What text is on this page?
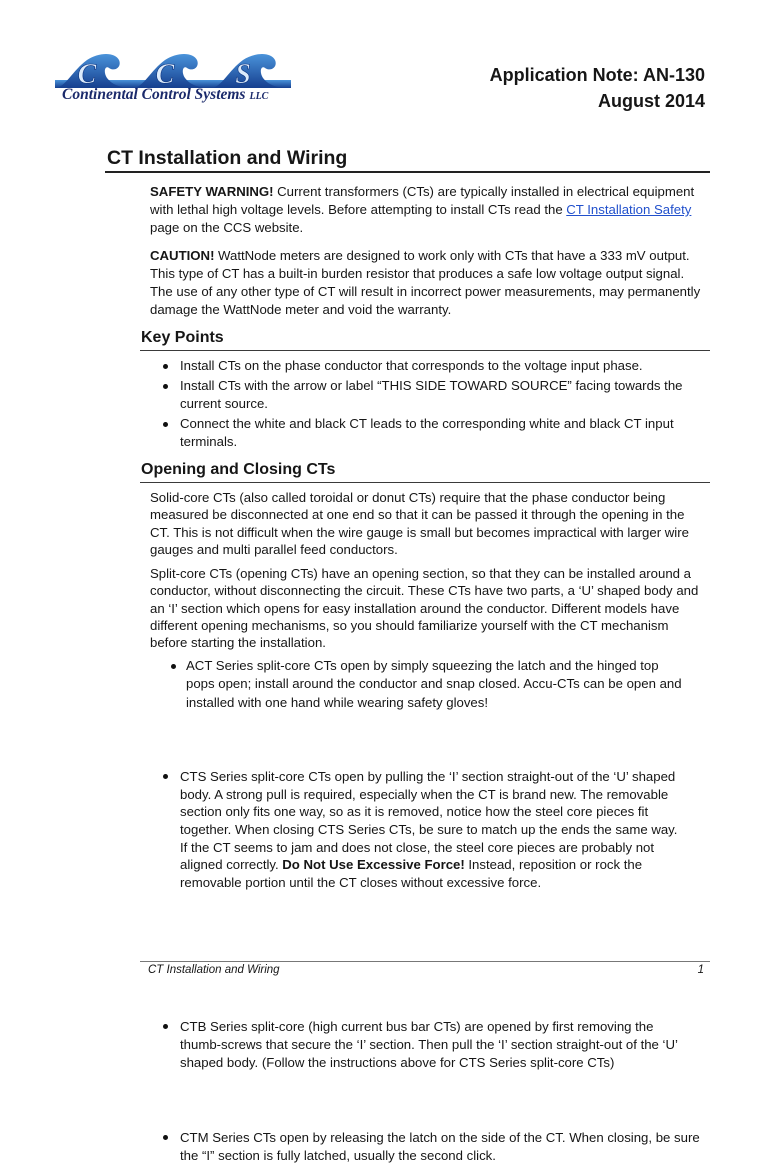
C C S
Continental Control Systems LLC
Application Note: AN-130
August 2014
CT Installation and Wiring
SAFETY WARNING! Current transformers (CTs) are typically installed in electrical equipment
with lethal high voltage levels. Before attempting to install CTs read the CT Installation Safety
page on the CCS website.
CAUTION! WattNode meters are designed to work only with CTs that have a 333 mV output.
This type of CT has a built-in burden resistor that produces a safe low voltage output signal.
The use of any other type of CT will result in incorrect power measurements, may permanently
damage the WattNode meter and void the warranty.
Key Points
Install CTs on the phase conductor that corresponds to the voltage input phase.
Install CTs with the arrow or label “THIS SIDE TOWARD SOURCE” facing towards the
current source.
Connect the white and black CT leads to the corresponding white and black CT input
terminals.
Opening and Closing CTs
Solid-core CTs (also called toroidal or donut CTs) require that the phase conductor being
measured be disconnected at one end so that it can be passed it through the opening in the
CT. This is not difficult when the wire gauge is small but becomes impractical with larger wire
gauges and multi parallel feed conductors.
Split-core CTs (opening CTs) have an opening section, so that they can be installed around a
conductor, without disconnecting the circuit. These CTs have two parts, a ‘U’ shaped body and
an ‘I’ section which opens for easy installation around the conductor. Different models have
different opening mechanisms, so you should familiarize yourself with the CT mechanism
before starting the installation.
ACT Series split-core CTs open by simply squeezing the latch and the hinged top
pops open; install around the conductor and snap closed. Accu-CTs can be open and
installed with one hand while wearing safety gloves!
CTS Series split-core CTs open by pulling the ‘I’ section straight-out of the ‘U’ shaped
body. A strong pull is required, especially when the CT is brand new. The removable
section only fits one way, so as it is removed, notice how the steel core pieces fit
together. When closing CTS Series CTs, be sure to match up the ends the same way.
If the CT seems to jam and does not close, the steel core pieces are probably not
aligned correctly. Do Not Use Excessive Force! Instead, reposition or rock the
removable portion until the CT closes without excessive force.
CTB Series split-core (high current bus bar CTs) are opened by first removing the
thumb-screws that secure the ‘I’ section. Then pull the ‘I’ section straight-out of the ‘U’
shaped body. (Follow the instructions above for CTS Series split-core CTs)
CTM Series CTs open by releasing the latch on the side of the CT. When closing, be sure
the “I” section is fully latched, usually the second click.
CT Installation and Wiring	1
